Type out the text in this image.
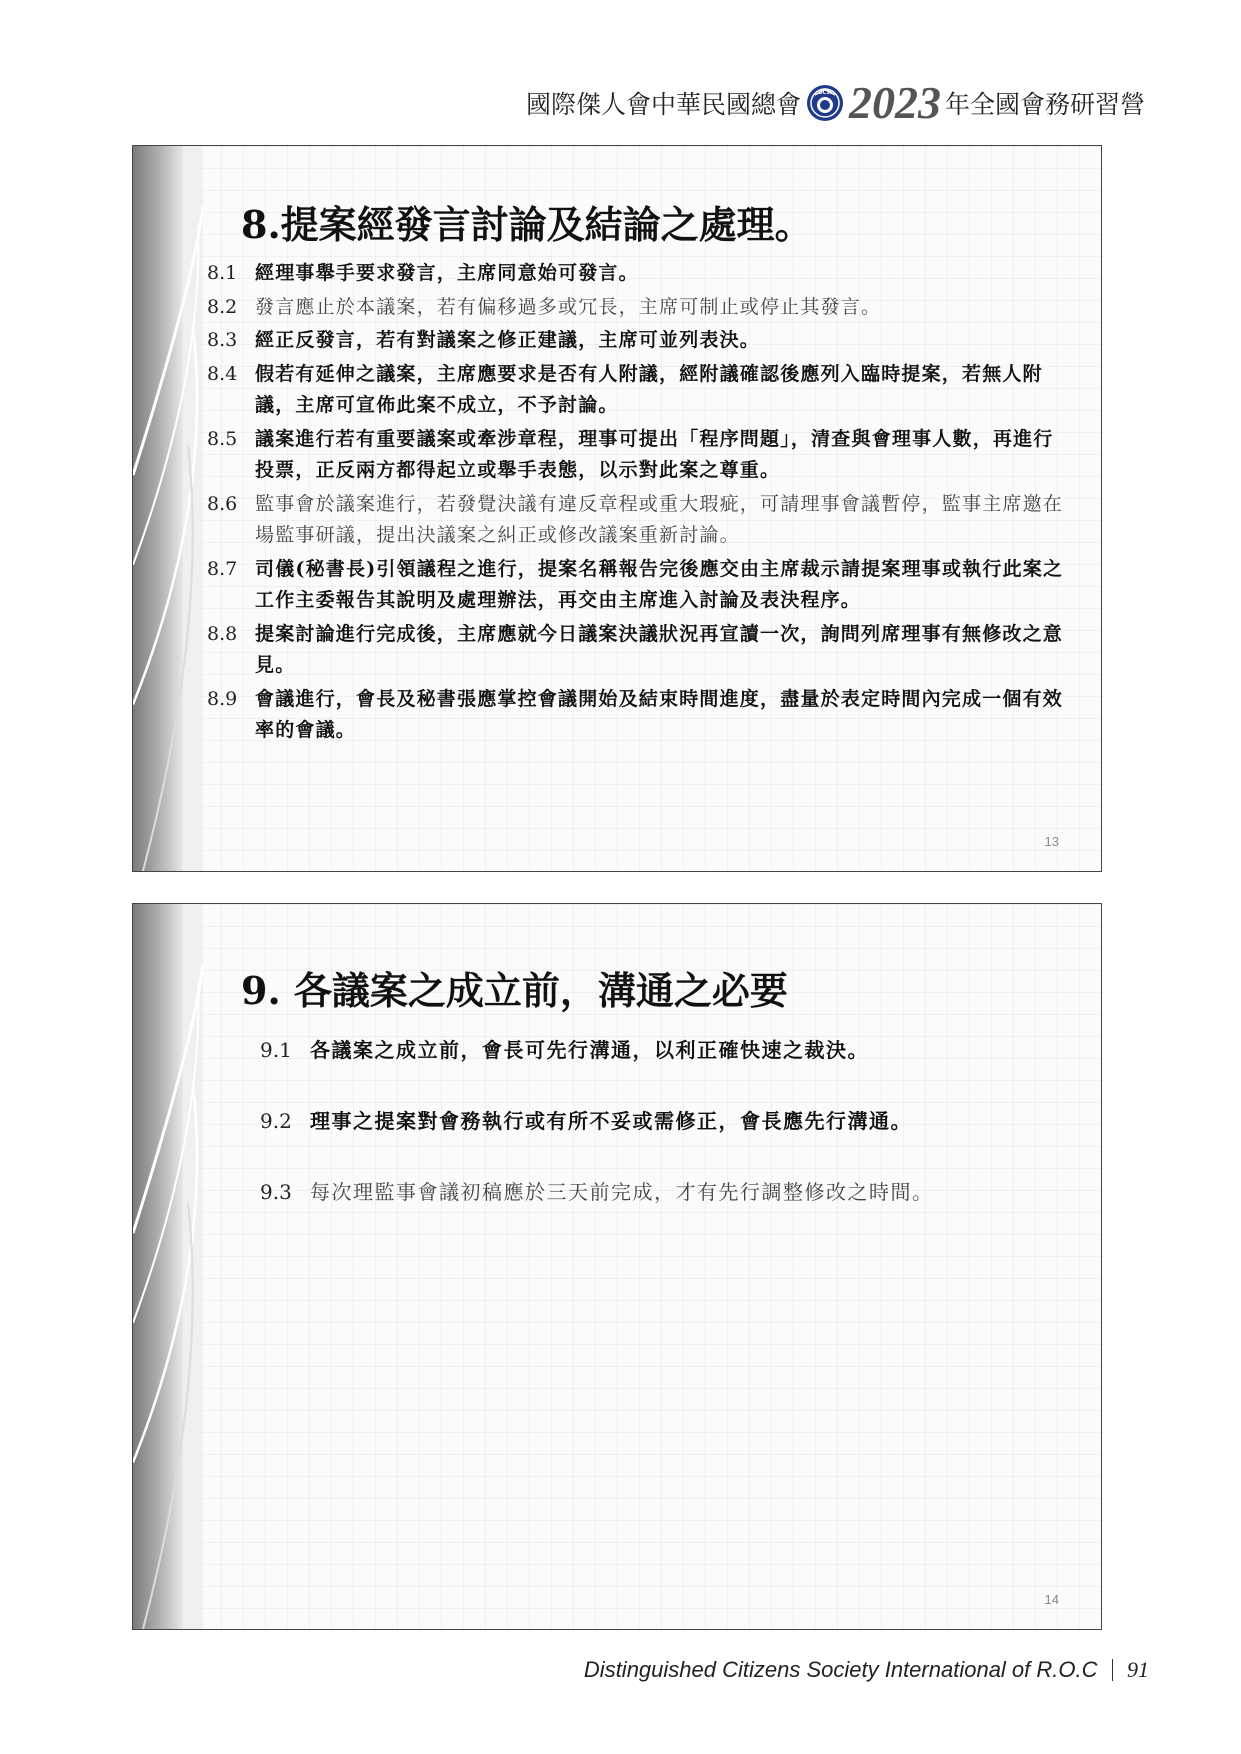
國際傑人會中華民國總會	DCSI 2023 年全國會務研習營
8.提案經發言討論及結論之處理。
8.1 經理事舉手要求發言，主席同意始可發言。
8.2 發言應止於本議案，若有偏移過多或冗長，主席可制止或停止其發言。
8.3 經正反發言，若有對議案之修正建議，主席可並列表決。
8.4 假若有延伸之議案，主席應要求是否有人附議，經附議確認後應列入臨時提案，若無人附議，主席可宣佈此案不成立，不予討論。
8.5 議案進行若有重要議案或牽涉章程，理事可提出「程序問題」，清查與會理事人數，再進行投票，正反兩方都得起立或舉手表態，以示對此案之尊重。
8.6 監事會於議案進行，若發覺決議有違反章程或重大瑕疵，可請理事會議暫停，監事主席邀在場監事研議，提出決議案之糾正或修改議案重新討論。
8.7 司儀(秘書長)引領議程之進行，提案名稱報告完後應交由主席裁示請提案理事或執行此案之工作主委報告其說明及處理辦法，再交由主席進入討論及表決程序。
8.8 提案討論進行完成後，主席應就今日議案決議狀況再宣讀一次，詢問列席理事有無修改之意見。
8.9 會議進行，會長及秘書張應掌控會議開始及結束時間進度，盡量於表定時間內完成一個有效率的會議。
13
9. 各議案之成立前，溝通之必要
9.1 各議案之成立前，會長可先行溝通，以利正確快速之裁決。
9.2 理事之提案對會務執行或有所不妥或需修正，會長應先行溝通。
9.3 每次理監事會議初稿應於三天前完成，才有先行調整修改之時間。
14
Distinguished Citizens Society International of R.O.C 91
